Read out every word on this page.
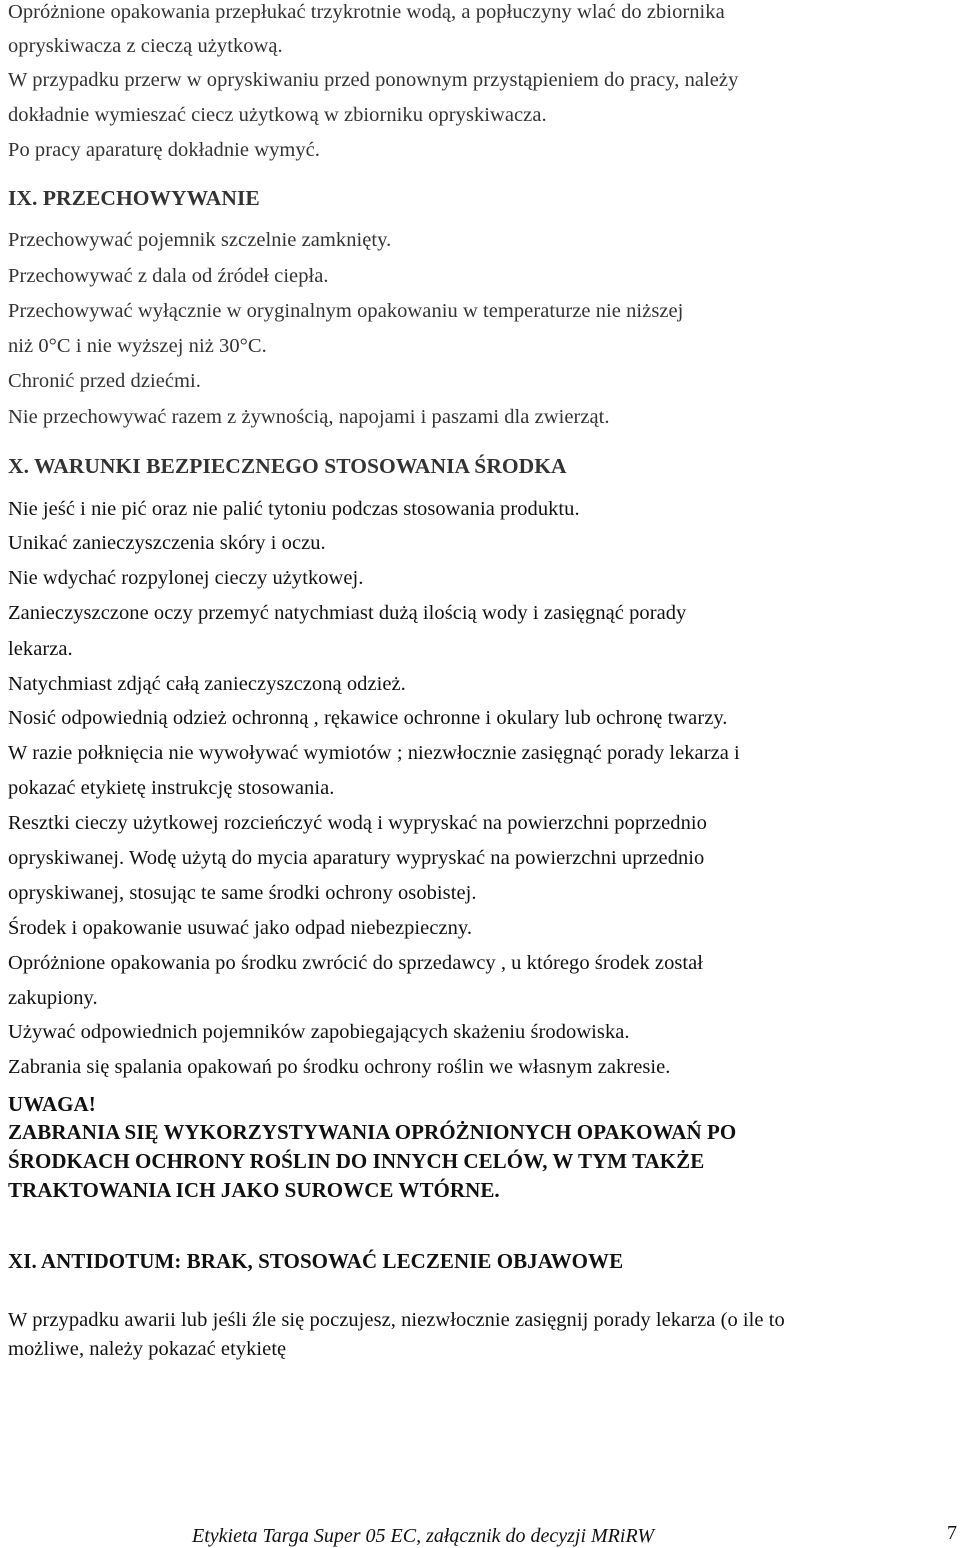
Opróżnione opakowania przepłukać trzykrotnie wodą, a popłuczyny wlać do zbiornika
opryskiwacza z cieczą użytkową.
W przypadku przerw w opryskiwaniu przed ponownym przystąpieniem do pracy, należy
dokładnie wymieszać ciecz użytkową w zbiorniku opryskiwacza.
Po pracy aparaturę dokładnie wymyć.
IX. PRZECHOWYWANIE
Przechowywać pojemnik szczelnie zamknięty.
Przechowywać z dala od źródeł ciepła.
Przechowywać wyłącznie w oryginalnym opakowaniu w temperaturze nie niższej
niż 0°C i nie wyższej niż 30°C.
Chronić przed dziećmi.
Nie przechowywać razem z żywnością, napojami i paszami dla zwierząt.
X. WARUNKI BEZPIECZNEGO STOSOWANIA ŚRODKA
Nie jeść i nie pić oraz nie palić tytoniu podczas stosowania produktu.
Unikać zanieczyszczenia skóry i oczu.
Nie wdychać rozpylonej cieczy użytkowej.
Zanieczyszczone oczy przemyć natychmiast dużą ilością wody i zasięgnąć porady
lekarza.
Natychmiast zdjąć całą zanieczyszczoną odzież.
Nosić odpowiednią odzież ochronną , rękawice ochronne i okulary lub ochronę twarzy.
W razie połknięcia nie wywoływać wymiotów ; niezwłocznie zasięgnąć porady lekarza i
pokazać etykietę instrukcję stosowania.
Resztki cieczy użytkowej rozcieńczyć wodą i wypryskać na powierzchni poprzednio
opryskiwanej. Wodę użytą do mycia aparatury wypryskać na powierzchni uprzednio
opryskiwanej, stosując te same środki ochrony osobistej.
Środek i opakowanie usuwać jako odpad niebezpieczny.
Opróżnione opakowania po środku zwrócić do sprzedawcy , u którego środek został
zakupiony.
Używać odpowiednich pojemników zapobiegających skażeniu środowiska.
Zabrania się spalania opakowań po środku ochrony roślin we własnym zakresie.
UWAGA!
ZABRANIA SIĘ WYKORZYSTYWANIA OPRÓŻNIONYCH OPAKOWAŃ PO
ŚRODKACH OCHRONY ROŚLIN DO INNYCH CELÓW, W TYM TAKŻE
TRAKTOWANIA ICH JAKO SUROWCE WTÓRNE.
XI. ANTIDOTUM: BRAK, STOSOWAĆ LECZENIE OBJAWOWE
W przypadku awarii lub jeśli źle się poczujesz, niezwłocznie zasięgnij porady lekarza (o ile to
możliwe, należy pokazać etykietę
Etykieta Targa Super 05 EC, załącznik do decyzji MRiRW	7
